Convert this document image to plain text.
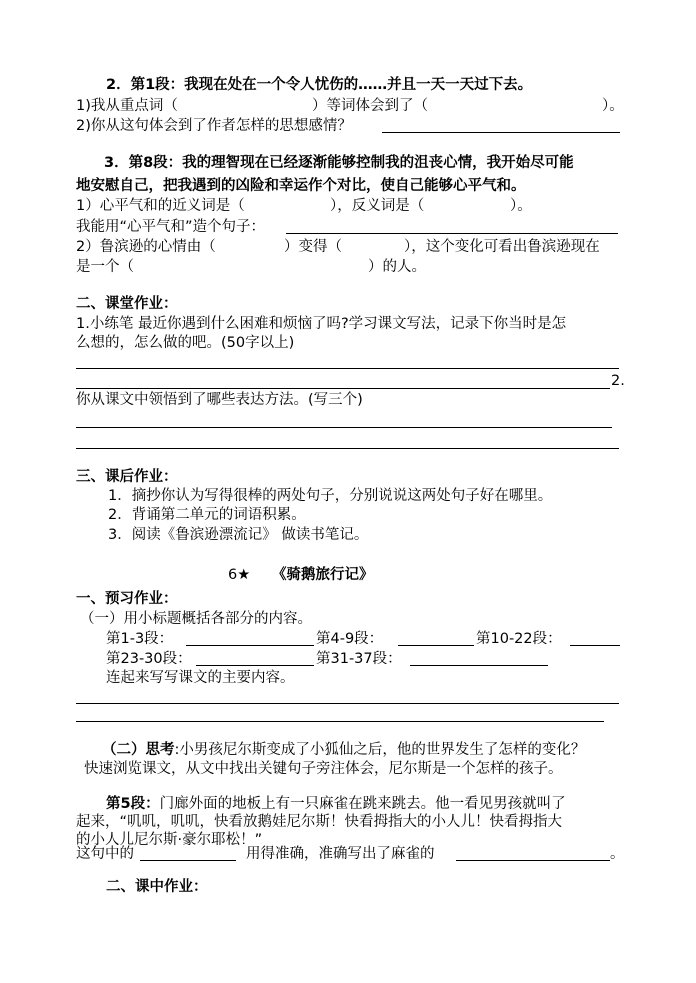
2．第1段：我现在处在一个令人忧伤的……并且一天一天过下去。
1)我从重点词（	）等词体会到了（	）。
2)你从这句体会到了作者怎样的思想感情？
3．第8段：我的理智现在已经逐渐能够控制我的沮丧心情，我开始尽可能
地安慰自己，把我遇到的凶险和幸运作个对比，使自己能够心平气和。
1）心平气和的近义词是（	），反义词是（	）。
我能用“心平气和”造个句子：
2）鲁滨逊的心情由（	）变得（	），这个变化可看出鲁滨逊现在
是一个（	）的人。
二、课堂作业：
1.小练笔 最近你遇到什么困难和烦恼了吗?学习课文写法，记录下你当时是怎
么想的，怎么做的吧。(50字以上)
2.
你从课文中领悟到了哪些表达方法。(写三个)
三、课后作业：
1．摘抄你认为写得很棒的两处句子，分别说说这两处句子好在哪里。
2．背诵第二单元的词语积累。
3．阅读《鲁滨逊漂流记》 做读书笔记。
6★ 《骑鹅旅行记》
一、预习作业：
（一）用小标题概括各部分的内容。
第1-3段：	第4-9段：	第10-22段：
第23-30段：	第31-37段：
连起来写写课文的主要内容。
（二）思考:小男孩尼尔斯变成了小狐仙之后，他的世界发生了怎样的变化？
快速浏览课文，从文中找出关键句子旁注体会，尼尔斯是一个怎样的孩子。
第5段：门廊外面的地板上有一只麻雀在跳来跳去。他一看见男孩就叫了
起来，“叽叽，叽叽，快看放鹅娃尼尔斯！快看拇指大的小人儿！快看拇指大
的小人儿尼尔斯·豪尔耶松！”
这句中的	用得准确，准确写出了麻雀的	。
二、课中作业：
